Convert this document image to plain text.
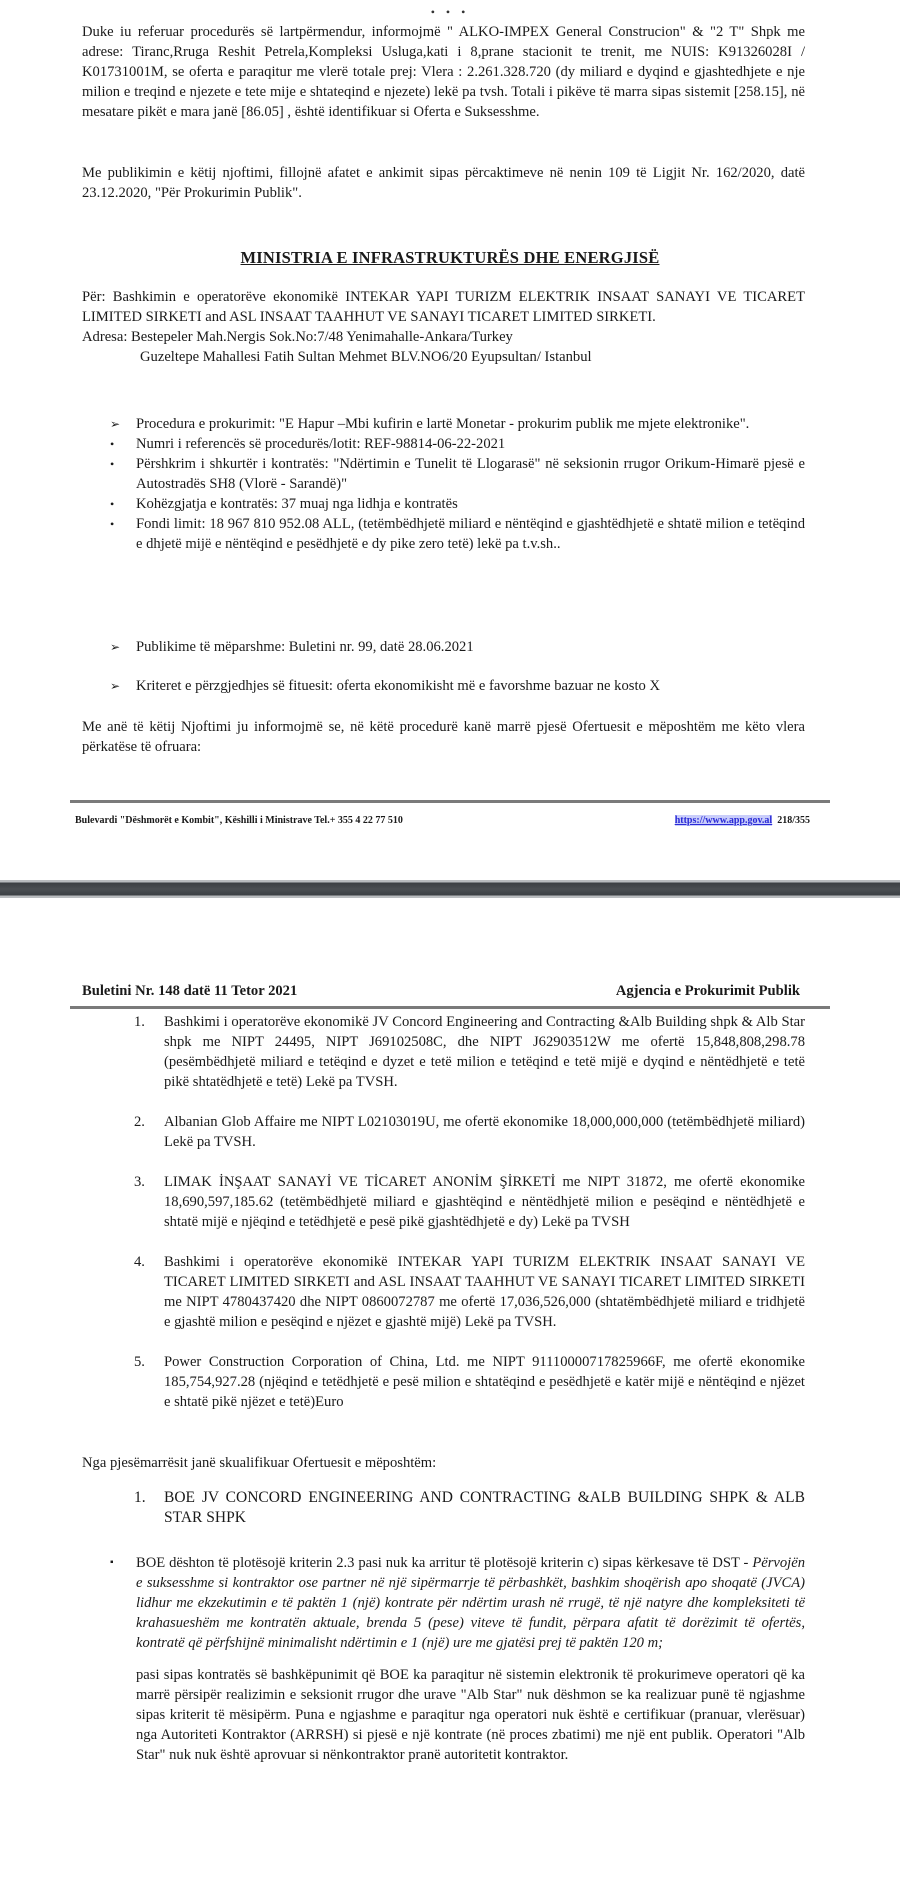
• • •

Duke iu referuar procedurës së lartpërmendur, informojmë " ALKO-IMPEX General Construcion" & "2 T" Shpk me adrese: Tiranc,Rruga Reshit Petrela,Kompleksi Usluga,kati i 8,prane stacionit te trenit, me NUIS: K91326028I / K01731001M, se oferta e paraqitur me vlerë totale prej: Vlera : 2.261.328.720 (dy miliard e dyqind e gjashtedhjete e nje milion e treqind e njezete e tete mije e shtateqind e njezete) lekë pa tvsh. Totali i pikëve të marra sipas sistemit [258.15], në mesatare pikët e mara janë [86.05] , është identifikuar si Oferta e Suksesshme.

Me publikimin e këtij njoftimi, fillojnë afatet e ankimit sipas përcaktimeve në nenin 109 të Ligjit Nr. 162/2020, datë 23.12.2020, "Për Prokurimin Publik".

MINISTRIA E INFRASTRUKTURËS DHE ENERGJISË

Për: Bashkimin e operatorëve ekonomikë INTEKAR YAPI TURIZM ELEKTRIK INSAAT SANAYI VE TICARET LIMITED SIRKETI and ASL INSAAT TAAHHUT VE SANAYI TICARET LIMITED SIRKETI.

Adresa: Bestepeler Mah.Nergis Sok.No:7/48 Yenimahalle-Ankara/Turkey

Guzeltepe Mahallesi Fatih Sultan Mehmet BLV.NO6/20 Eyupsultan/ Istanbul

➢	Procedura e prokurimit: "E Hapur –Mbi kufirin e lartë Monetar - prokurim publik me mjete elektronike".
•	Numri i referencës së procedurës/lotit: REF-98814-06-22-2021
•	Përshkrim i shkurtër i kontratës: "Ndërtimin e Tunelit të Llogarasë" në seksionin rrugor Orikum-Himarë pjesë e Autostradës SH8 (Vlorë - Sarandë)"
•	Kohëzgjatja e kontratës: 37 muaj nga lidhja e kontratës
•	Fondi limit: 18 967 810 952.08 ALL, (tetëmbëdhjetë miliard e nëntëqind e gjashtëdhjetë e shtatë milion e tetëqind e dhjetë mijë e nëntëqind e pesëdhjetë e dy pike zero tetë) lekë pa t.v.sh..
➢	Publikime të mëparshme: Buletini nr. 99, datë 28.06.2021
➢	Kriteret e përzgjedhjes së fituesit: oferta ekonomikisht më e favorshme bazuar ne kosto X

Me anë të këtij Njoftimi ju informojmë se, në këtë procedurë kanë marrë pjesë Ofertuesit e mëposhtëm me këto vlera përkatëse të ofruara:

Bulevardi "Dëshmorët e Kombit", Këshilli i Ministrave Tel.+ 355 4 22 77 510	https://www.app.gov.al 218/355
Buletini Nr. 148 datë 11 Tetor 2021	Agjencia e Prokurimit Publik
1. Bashkimi i operatorëve ekonomikë JV Concord Engineering and Contracting &Alb Building shpk & Alb Star shpk me NIPT 24495, NIPT J69102508C, dhe NIPT J62903512W me ofertë 15,848,808,298.78 (pesëmbëdhjetë miliard e tetëqind e dyzet e tetë milion e tetëqind e tetë mijë e dyqind e nëntëdhjetë e tetë pikë shtatëdhjetë e tetë) Lekë pa TVSH.
2. Albanian Glob Affaire me NIPT L02103019U, me ofertë ekonomike 18,000,000,000 (tetëmbëdhjetë miliard) Lekë pa TVSH.
3. LIMAK İNŞAAT SANAYİ VE TİCARET ANONİM ŞİRKETİ me NIPT 31872, me ofertë ekonomike 18,690,597,185.62 (tetëmbëdhjetë miliard e gjashtëqind e nëntëdhjetë milion e pesëqind e nëntëdhjetë e shtatë mijë e njëqind e tetëdhjetë e pesë pikë gjashtëdhjetë e dy) Lekë pa TVSH
4. Bashkimi i operatorëve ekonomikë INTEKAR YAPI TURIZM ELEKTRIK INSAAT SANAYI VE TICARET LIMITED SIRKETI and ASL INSAAT TAAHHUT VE SANAYI TICARET LIMITED SIRKETI me NIPT 4780437420 dhe NIPT 0860072787 me ofertë 17,036,526,000 (shtatëmbëdhjetë miliard e tridhjetë e gjashtë milion e pesëqind e njëzet e gjashtë mijë) Lekë pa TVSH.
5. Power Construction Corporation of China, Ltd. me NIPT 91110000717825966F, me ofertë ekonomike 185,754,927.28 (njëqind e tetëdhjetë e pesë milion e shtatëqind e pesëdhjetë e katër mijë e nëntëqind e njëzet e shtatë pikë njëzet e tetë)Euro

Nga pjesëmarrësit janë skualifikuar Ofertuesit e mëposhtëm:

1. BOE JV CONCORD ENGINEERING AND CONTRACTING &ALB BUILDING SHPK & ALB STAR SHPK
▪	BOE dështon të plotësojë kriterin 2.3 pasi nuk ka arritur të plotësojë kriterin c) sipas kërkesave të DST - Përvojën e suksesshme si kontraktor ose partner në një sipërmarrje të përbashkët, bashkim shoqërish apo shoqatë (JVCA) lidhur me ekzekutimin e të paktën 1 (një) kontrate për ndërtim urash në rrugë, të një natyre dhe kompleksiteti të krahasueshëm me kontratën aktuale, brenda 5 (pese) viteve të fundit, përpara afatit të dorëzimit të ofertës, kontratë që përfshijnë minimalisht ndërtimin e 1 (një) ure me gjatësi prej të paktën 120 m;

pasi sipas kontratës së bashkëpunimit që BOE ka paraqitur në sistemin elektronik të prokurimeve operatori që ka marrë përsipër realizimin e seksionit rrugor dhe urave "Alb Star" nuk dëshmon se ka realizuar punë të ngjashme sipas kriterit të mësipërm. Puna e ngjashme e paraqitur nga operatori nuk është e certifikuar (pranuar, vlerësuar) nga Autoriteti Kontraktor (ARRSH) si pjesë e një kontrate (në proces zbatimi) me një ent publik. Operatori "Alb Star" nuk nuk është aprovuar si nënkontraktor pranë autoritetit kontraktor.
